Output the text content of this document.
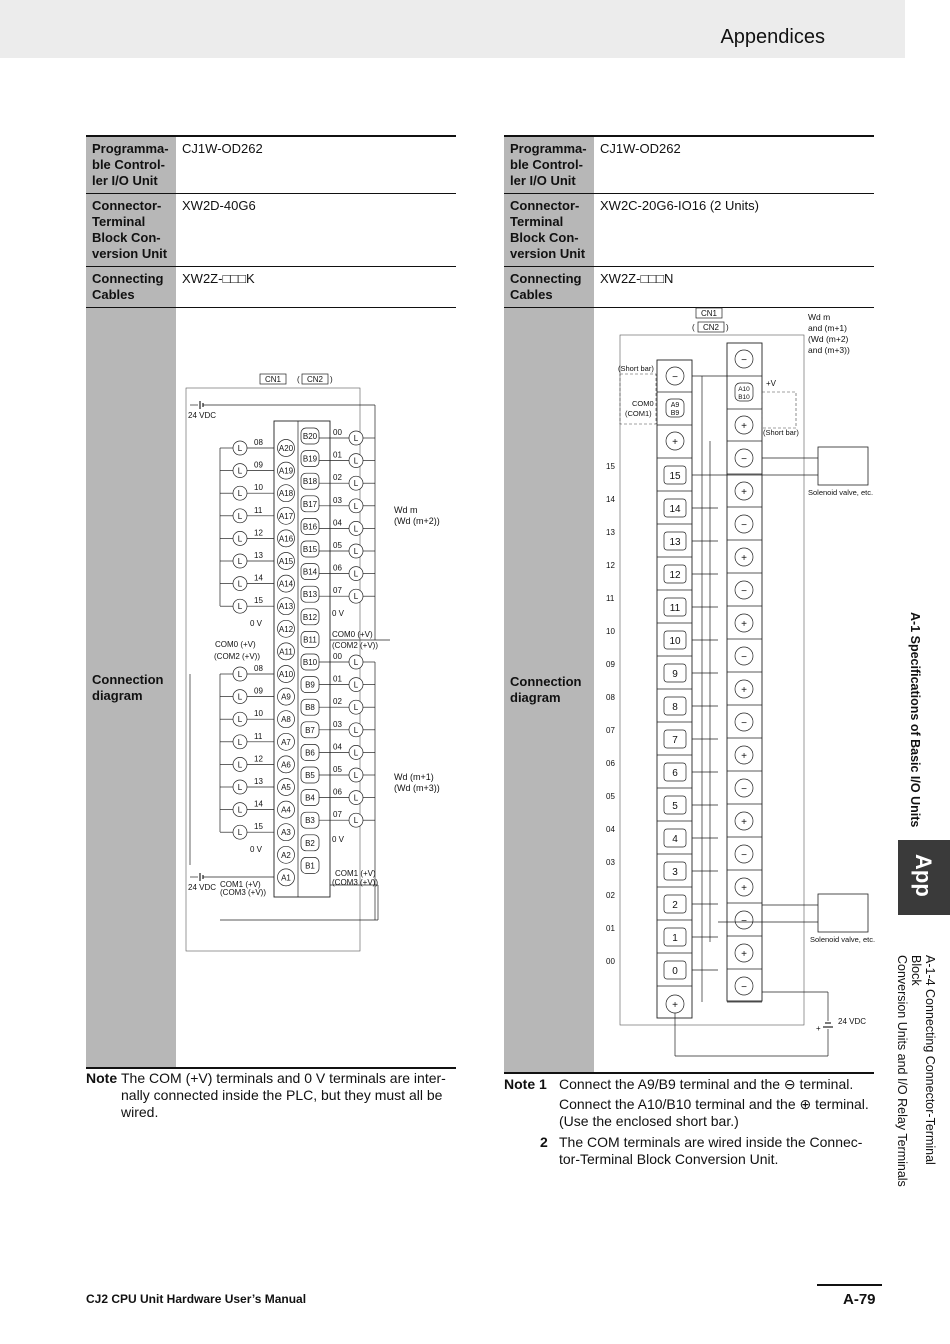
Appendices
Programma-
ble Control-
ler I/O Unit	CJ1W-OD262
Connector-
Terminal
Block Con-
version Unit	XW2D-40G6
Connecting
Cables	XW2Z-□□□K
Connection
diagram	
Programma-
ble Control-
ler I/O Unit	CJ1W-OD262
Connector-
Terminal
Block Con-
version Unit	XW2C-20G6-IO16 (2 Units)
Connecting
Cables	XW2Z-□□□N
Connection
diagram	
CN1 ( CN2 )
A20
A19
A18
A17
A16
A15
A14
A13
A12
A11
A10
A9
A8
A7
A6
A5
A4
A3
A2
A1
B20
B19
B18
B17
B16
B15
B14
B13
B12
B11
B10
B9
B8
B7
B6
B5
B4
B3
B2
B1
L
08
L
09
L
10
L
11
L
12
L
13
L
14
L
15
L
00
L
01
L
02
L
03
L
04
L
05
L
06
L
07
L
08
L
09
L
10
L
11
L
12
L
13
L
14
L
15
L
00
L
01
L
02
L
03
L
04
L
05
L
06
L
07
24 VDC
0 V
0 V
0 V
0 V
COM0 (+V)
(COM2 (+V))
COM0 (+V)
(COM2 (+V))
COM1 (+V)
(COM3 (+V))
COM1 (+V)
(COM3 (+V))
24 VDC
Wd m
(Wd (m+2))
Wd (m+1)
(Wd (m+3))
CN1
( CN2 )
Wd m
and (m+1)
(Wd (m+2)
and (m+3))
−
A9
B9
COM0
(COM1)
+
15
15
14
14
13
13
12
12
11
11
10
10
9
09
8
08
7
07
6
06
5
05
4
04
3
03
2
02
1
01
0
00
+
−
A10
B10
+V
+
−
+
−
+
−
+
−
+
−
+
−
+
−
+
−
+
−
(Short bar)
(Short bar)
Solenoid valve, etc.
Solenoid valve, etc.
24 VDC
+
Note The COM (+V) terminals and 0 V terminals are inter-
nally connected inside the PLC, but they must all be
wired.
Note 1 Connect the A9/B9 terminal and the ⊖ terminal.
Connect the A10/B10 terminal and the ⊕ terminal.
(Use the enclosed short bar.)
2 The COM terminals are wired inside the Connec-
tor-Terminal Block Conversion Unit.
A-1 Specifications of Basic I/O Units
App
A-1-4 Connecting Connector-Terminal Block
Conversion Units and I/O Relay Terminals
CJ2 CPU Unit Hardware User’s Manual	A-79
